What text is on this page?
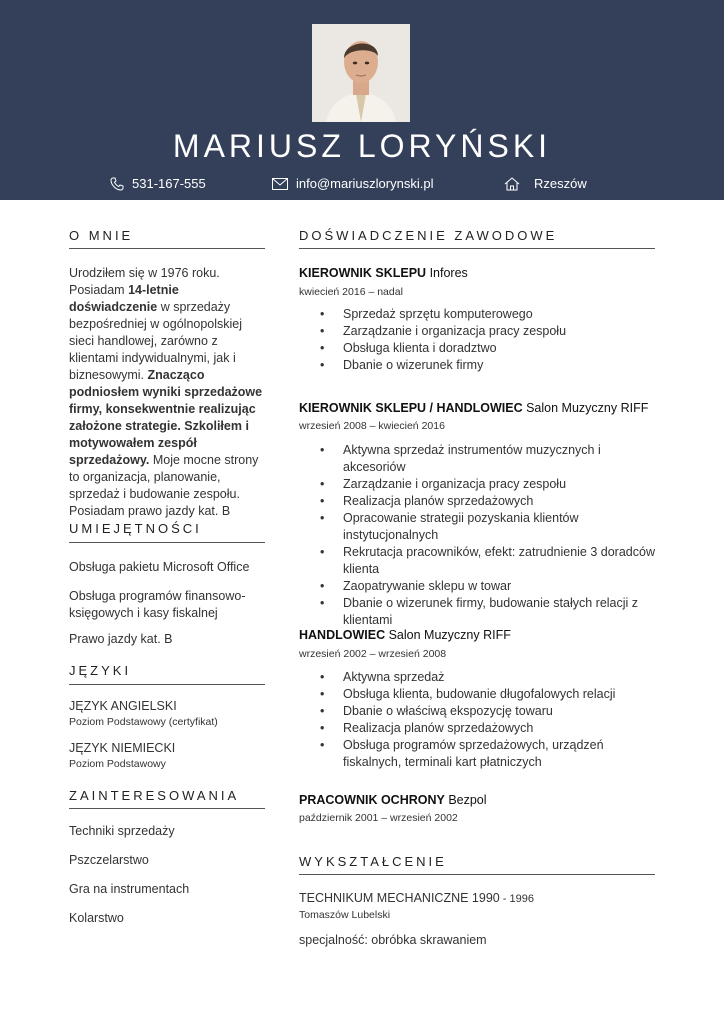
MARIUSZ LORYŃSKI
531-167-555	info@mariuszlorynski.pl	Rzeszów
O MNIE
Urodziłem się w 1976 roku. Posiadam 14-letnie doświadczenie w sprzedaży bezpośredniej w ogólnopolskiej sieci handlowej, zarówno z klientami indywidualnymi, jak i biznesowymi. Znacząco podniosłem wyniki sprzedażowe firmy, konsekwentnie realizując założone strategie. Szkoliłem i motywowałem zespół sprzedażowy. Moje mocne strony to organizacja, planowanie, sprzedaż i budowanie zespołu. Posiadam prawo jazdy kat. B
UMIEJĘTNOŚCI
Obsługa pakietu Microsoft Office
Obsługa programów finansowo-księgowych i kasy fiskalnej
Prawo jazdy kat. B
JĘZYKI
JĘZYK ANGIELSKI
Poziom Podstawowy (certyfikat)
JĘZYK NIEMIECKI
Poziom Podstawowy
ZAINTERESOWANIA
Techniki sprzedaży
Pszczelarstwo
Gra na instrumentach
Kolarstwo
DOŚWIADCZENIE ZAWODOWE
KIEROWNIK SKLEPU Infores
kwiecień 2016 – nadal
• Sprzedaż sprzętu komputerowego
• Zarządzanie i organizacja pracy zespołu
• Obsługa klienta i doradztwo
• Dbanie o wizerunek firmy
KIEROWNIK SKLEPU / HANDLOWIEC Salon Muzyczny RIFF
wrzesień 2008 – kwiecień 2016
• Aktywna sprzedaż instrumentów muzycznych i akcesoriów
• Zarządzanie i organizacja pracy zespołu
• Realizacja planów sprzedażowych
• Opracowanie strategii pozyskania klientów instytucjonalnych
• Rekrutacja pracowników, efekt: zatrudnienie 3 doradców klienta
• Zaopatrywanie sklepu w towar
• Dbanie o wizerunek firmy, budowanie stałych relacji z klientami
HANDLOWIEC Salon Muzyczny RIFF
wrzesień 2002 – wrzesień 2008
• Aktywna sprzedaż
• Obsługa klienta, budowanie długofalowych relacji
• Dbanie o właściwą ekspozycję towaru
• Realizacja planów sprzedażowych
• Obsługa programów sprzedażowych, urządzeń fiskalnych, terminali kart płatniczych
PRACOWNIK OCHRONY Bezpol
październik 2001 – wrzesień 2002
WYKSZTAŁCENIE
TECHNIKUM MECHANICZNE 1990 - 1996
Tomaszów Lubelski
specjalność: obróbka skrawaniem
